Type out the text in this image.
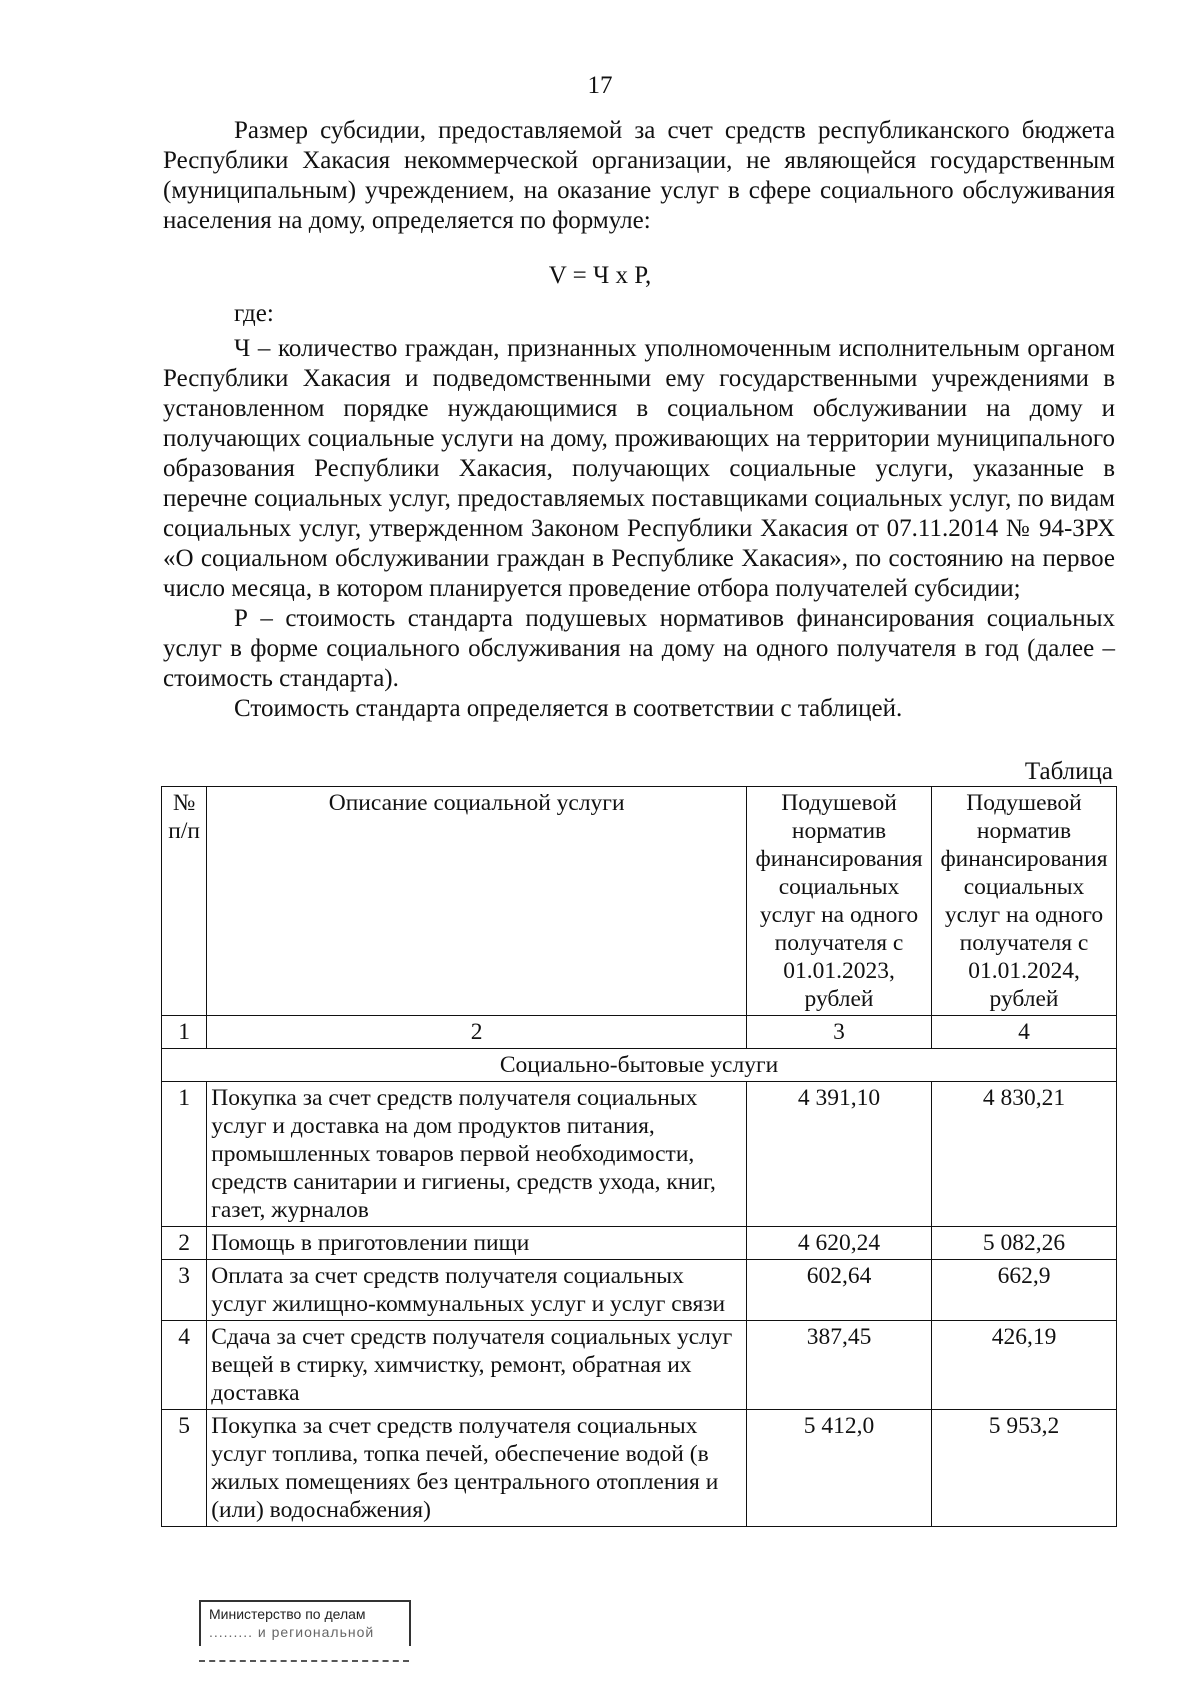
17

Размер субсидии, предоставляемой за счет средств республиканского бюджета Республики Хакасия некоммерческой организации, не являющейся государственным (муниципальным) учреждением, на оказание услуг в сфере социального обслуживания населения на дому, определяется по формуле:

V = Ч х Р,
где:

Ч – количество граждан, признанных уполномоченным исполнительным органом Республики Хакасия и подведомственными ему государственными учреждениями в установленном порядке нуждающимися в социальном обслуживании на дому и получающих социальные услуги на дому, проживающих на территории муниципального образования Республики Хакасия, получающих социальные услуги, указанные в перечне социальных услуг, предоставляемых поставщиками социальных услуг, по видам социальных услуг, утвержденном Законом Республики Хакасия от 07.11.2014 № 94-ЗРХ «О социальном обслуживании граждан в Республике Хакасия», по состоянию на первое число месяца, в котором планируется проведение отбора получателей субсидии;

Р – стоимость стандарта подушевых нормативов финансирования социальных услуг в форме социального обслуживания на дому на одного получателя в год (далее – стоимость стандарта).

Стоимость стандарта определяется в соответствии с таблицей.

Таблица
№ п/п	Описание социальной услуги	Подушевой норматив финансирования социальных услуг на одного получателя с 01.01.2023, рублей	Подушевой норматив финансирования социальных услуг на одного получателя с 01.01.2024, рублей
1	2	3	4
Социально-бытовые услуги			
1	Покупка за счет средств получателя социальных услуг и доставка на дом продуктов питания, промышленных товаров первой необходимости, средств санитарии и гигиены, средств ухода, книг, газет, журналов	4 391,10	4 830,21
2	Помощь в приготовлении пищи	4 620,24	5 082,26
3	Оплата за счет средств получателя социальных услуг жилищно-коммунальных услуг и услуг связи	602,64	662,9
4	Сдача за счет средств получателя социальных услуг вещей в стирку, химчистку, ремонт, обратная их доставка	387,45	426,19
5	Покупка за счет средств получателя социальных услуг топлива, топка печей, обеспечение водой (в жилых помещениях без центрального отопления и (или) водоснабжения)	5 412,0	5 953,2
Министерство по делам
......... и региональной
